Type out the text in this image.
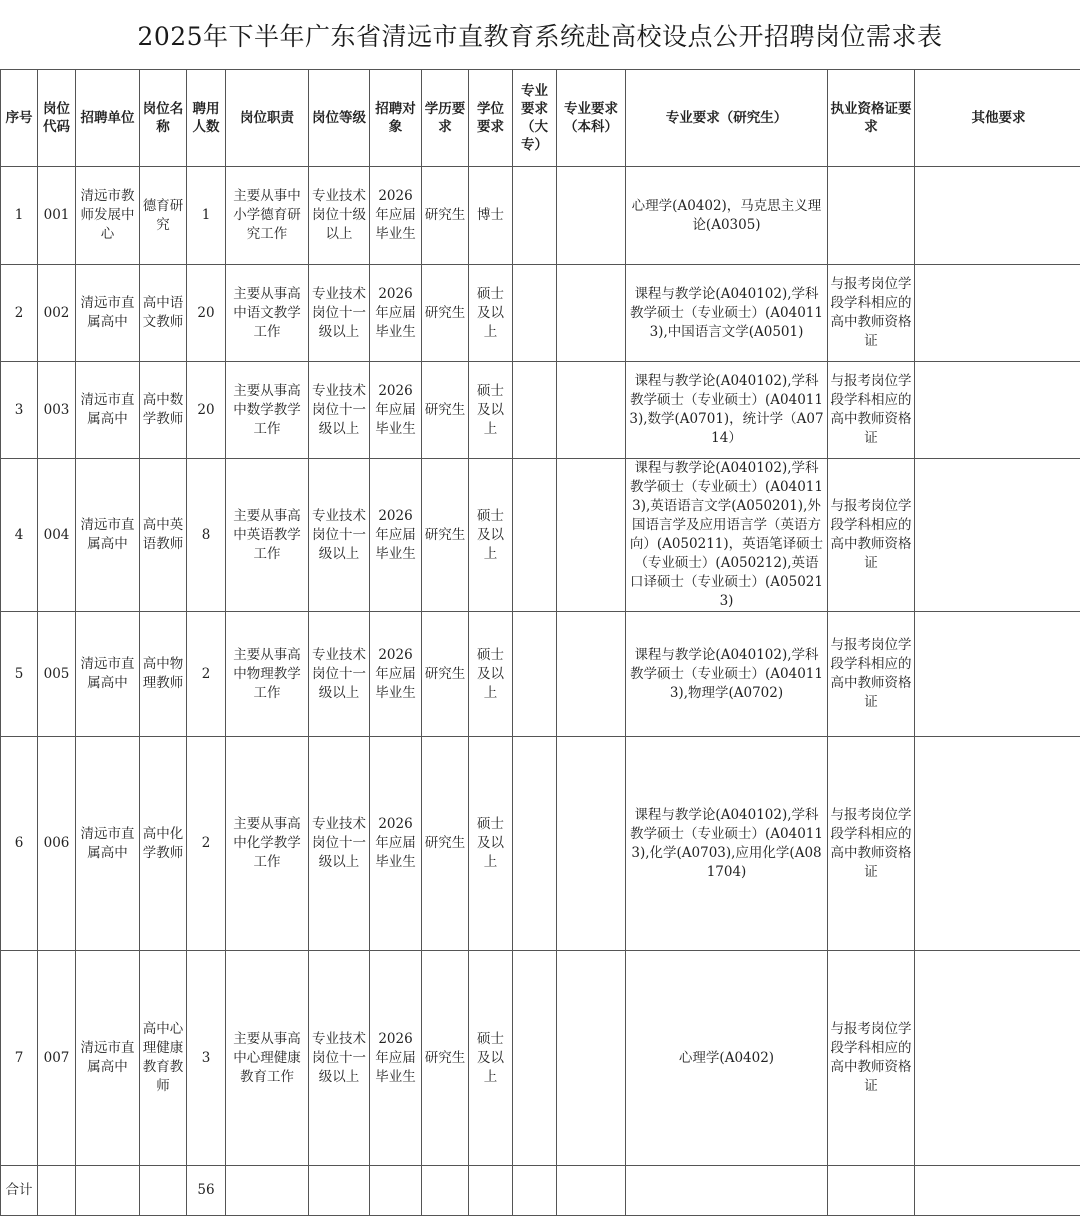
2025年下半年广东省清远市直教育系统赴高校设点公开招聘岗位需求表
序号	岗位代码	招聘单位	岗位名称	聘用人数	岗位职责	岗位等级	招聘对象	学历要求	学位要求	专业要求（大专）	专业要求（本科）	专业要求（研究生）	执业资格证要求	其他要求
1	001	清远市教师发展中心	德育研究	1	主要从事中小学德育研究工作	专业技术岗位十级以上	2026年应届毕业生	研究生	博士			心理学(A0402)，马克思主义理论(A0305)		
2	002	清远市直属高中	高中语文教师	20	主要从事高中语文教学工作	专业技术岗位十一级以上	2026年应届毕业生	研究生	硕士及以上			课程与教学论(A040102),学科教学硕士（专业硕士）(A040113),中国语言文学(A0501)	与报考岗位学段学科相应的高中教师资格证	
3	003	清远市直属高中	高中数学教师	20	主要从事高中数学教学工作	专业技术岗位十一级以上	2026年应届毕业生	研究生	硕士及以上			课程与教学论(A040102),学科教学硕士（专业硕士）(A040113),数学(A0701)，统计学（A0714）	与报考岗位学段学科相应的高中教师资格证	
4	004	清远市直属高中	高中英语教师	8	主要从事高中英语教学工作	专业技术岗位十一级以上	2026年应届毕业生	研究生	硕士及以上			课程与教学论(A040102),学科教学硕士（专业硕士）(A040113),英语语言文学(A050201),外国语言学及应用语言学（英语方向）(A050211)，英语笔译硕士（专业硕士）(A050212),英语口译硕士（专业硕士）(A050213)	与报考岗位学段学科相应的高中教师资格证	
5	005	清远市直属高中	高中物理教师	2	主要从事高中物理教学工作	专业技术岗位十一级以上	2026年应届毕业生	研究生	硕士及以上			课程与教学论(A040102),学科教学硕士（专业硕士）(A040113),物理学(A0702)	与报考岗位学段学科相应的高中教师资格证	
6	006	清远市直属高中	高中化学教师	2	主要从事高中化学教学工作	专业技术岗位十一级以上	2026年应届毕业生	研究生	硕士及以上			课程与教学论(A040102),学科教学硕士（专业硕士）(A040113),化学(A0703),应用化学(A081704)	与报考岗位学段学科相应的高中教师资格证	
7	007	清远市直属高中	高中心理健康教育教师	3	主要从事高中心理健康教育工作	专业技术岗位十一级以上	2026年应届毕业生	研究生	硕士及以上			心理学(A0402)	与报考岗位学段学科相应的高中教师资格证	
合计				56										
